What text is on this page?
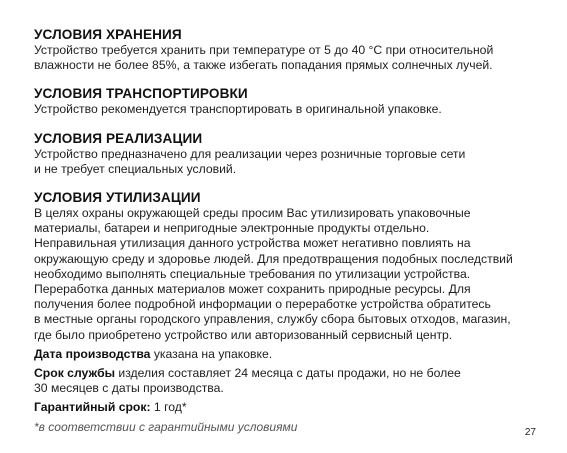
УСЛОВИЯ ХРАНЕНИЯ

Устройство требуется хранить при температуре от 5 до 40 °C при относительной
влажности не более 85%, а также избегать попадания прямых солнечных лучей.

УСЛОВИЯ ТРАНСПОРТИРОВКИ

Устройство рекомендуется транспортировать в оригинальной упаковке.

УСЛОВИЯ РЕАЛИЗАЦИИ

Устройство предназначено для реализации через розничные торговые сети
и не требует специальных условий.

УСЛОВИЯ УТИЛИЗАЦИИ

В целях охраны окружающей среды просим Вас утилизировать упаковочные
материалы, батареи и непригодные электронные продукты отдельно.
Неправильная утилизация данного устройства может негативно повлиять на
окружающую среду и здоровье людей. Для предотвращения подобных последствий
необходимо выполнять специальные требования по утилизации устройства.
Переработка данных материалов может сохранить природные ресурсы. Для
получения более подробной информации о переработке устройства обратитесь
в местные органы городского управления, службу сбора бытовых отходов, магазин,
где было приобретено устройство или авторизованный сервисный центр.

Дата производства указана на упаковке.

Срок службы изделия составляет 24 месяца с даты продажи, но не более
30 месяцев с даты производства.

Гарантийный срок: 1 год*

*в соответствии с гарантийными условиями	27
